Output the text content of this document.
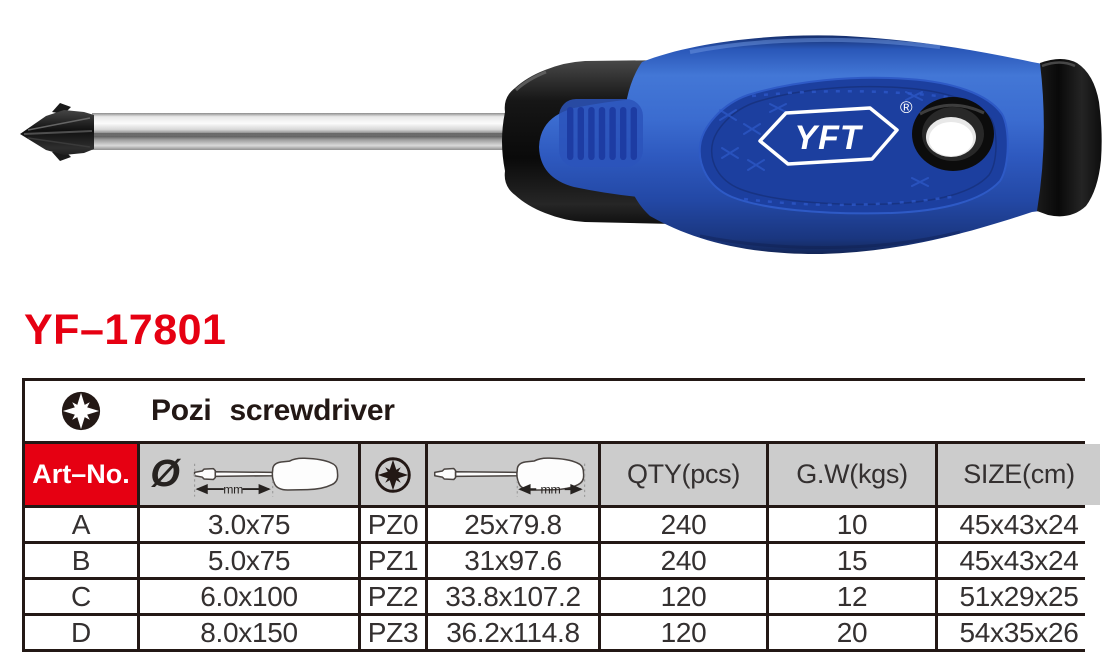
YFT
®
YF–17801
Pozi screwdriver
Art–No. Ø	mm	mm	QTY(pcs)	G.W(kgs)	SIZE(cm)
A	3.0x75	PZ0	25x79.8	240	10	45x43x24
B	5.0x75	PZ1	31x97.6	240	15	45x43x24
C	6.0x100	PZ2 33.8x107.2	120	12	51x29x25
D	8.0x150	PZ3	36.2x114.8	120	20	54x35x26
